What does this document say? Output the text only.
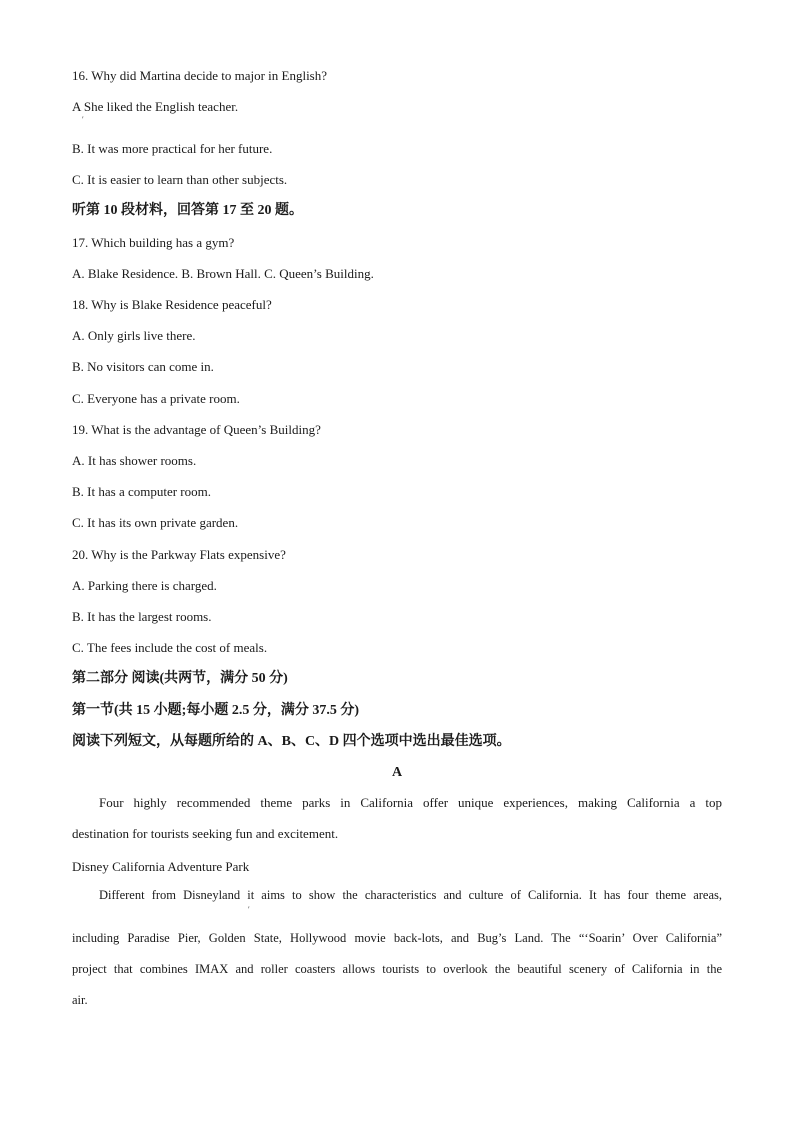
16. Why did Martina decide to major in English?
A She liked the English teacher.
ʹ
B. It was more practical for her future.
C. It is easier to learn than other subjects.
听第 10 段材料，回答第 17 至 20 题。
17. Which building has a gym?
A. Blake Residence. B. Brown Hall. C. Queen’s Building.
18. Why is Blake Residence peaceful?
A. Only girls live there.
B. No visitors can come in.
C. Everyone has a private room.
19. What is the advantage of Queen’s Building?
A. It has shower rooms.
B. It has a computer room.
C. It has its own private garden.
20. Why is the Parkway Flats expensive?
A. Parking there is charged.
B. It has the largest rooms.
C. The fees include the cost of meals.
第二部分 阅读(共两节，满分 50 分)
第一节(共 15 小题;每小题 2.5 分，满分 37.5 分)
阅读下列短文，从每题所给的 A、B、C、D 四个选项中选出最佳选项。
A
Four highly recommended theme parks in California offer unique experiences, making California a top
destination for tourists seeking fun and excitement.
Disney California Adventure Park
Different from Disneyland it aims to show the characteristics and culture of California. It has four theme areas,
ʹ
including Paradise Pier, Golden State, Hollywood movie back-lots, and Bug’s Land. The “‘Soarin’ Over California”
project that combines IMAX and roller coasters allows tourists to overlook the beautiful scenery of California in the
air.
